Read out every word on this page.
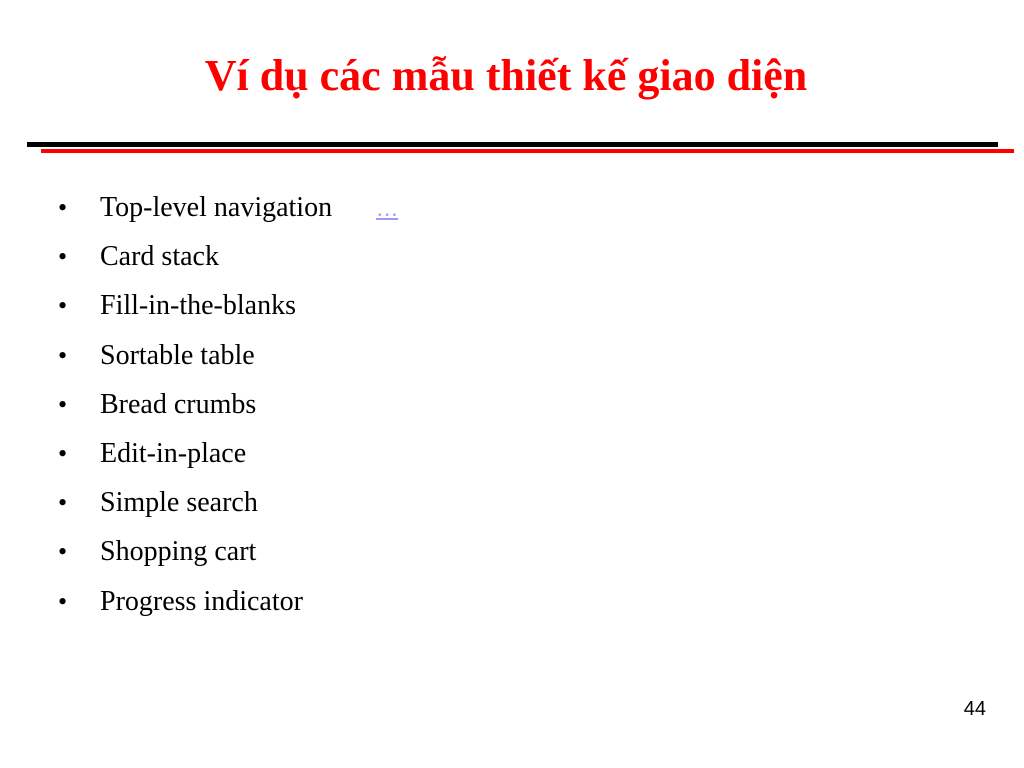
Ví dụ các mẫu thiết kế giao diện
• Top-level navigation …
• Card stack
• Fill-in-the-blanks
• Sortable table
• Bread crumbs
• Edit-in-place
• Simple search
• Shopping cart
• Progress indicator
44
